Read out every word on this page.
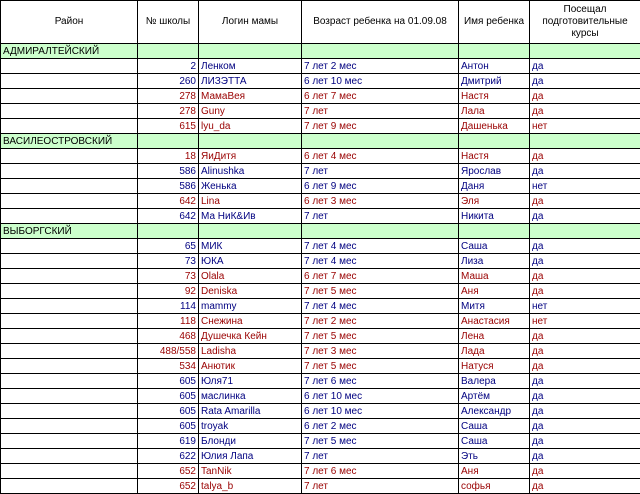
Район	№ школы	Логин мамы	Возраст ребенка на 01.09.08	Имя ребенка	Посещал подготовительные курсы
АДМИРАЛТЕЙСКИЙ					
	2	Ленком	7 лет 2 мес	Антон	да
	260	ЛИЗЭТТА	6 лет 10 мес	Дмитрий	да
	278	МамаВея	6 лет 7 мес	Настя	да
	278	Guny	7 лет	Лала	да
	615	lyu_da	7 лет 9 мес	Дашенька	нет
ВАСИЛЕОСТРОВСКИЙ					
	18	ЯиДитя	6 лет 4 мес	Настя	да
	586	Alinushka	7 лет	Ярослав	да
	586	Женька	6 лет 9 мес	Даня	нет
	642	Lina	6 лет 3 мес	Эля	да
	642	Ма НиК&Ив	7 лет	Никита	да
ВЫБОРГСКИЙ					
	65	МИК	7 лет 4 мес	Саша	да
	73	ЮКА	7 лет 4 мес	Лиза	да
	73	Olala	6 лет 7 мес	Маша	да
	92	Deniska	7 лет 5 мес	Аня	да
	114	mammy	7 лет 4 мес	Митя	нет
	118	Снежина	7 лет 2 мес	Анастасия	нет
	468	Душечка Кейн	7 лет 5 мес	Лена	да
	488/558	Ladisha	7 лет 3 мес	Лада	да
	534	Анютик	7 лет 5 мес	Натуся	да
	605	Юля71	7 лет 6 мес	Валера	да
	605	маслинка	6 лет 10 мес	Артём	да
	605	Rata Amarilla	6 лет 10 мес	Александр	да
	605	troyak	6 лет 2 мес	Саша	да
	619	Блонди	7 лет 5 мес	Саша	да
	622	Юлия Лапа	7 лет	Эть	да
	652	TanNik	7 лет 6 мес	Аня	да
	652	talya_b	7 лет	софья	да
